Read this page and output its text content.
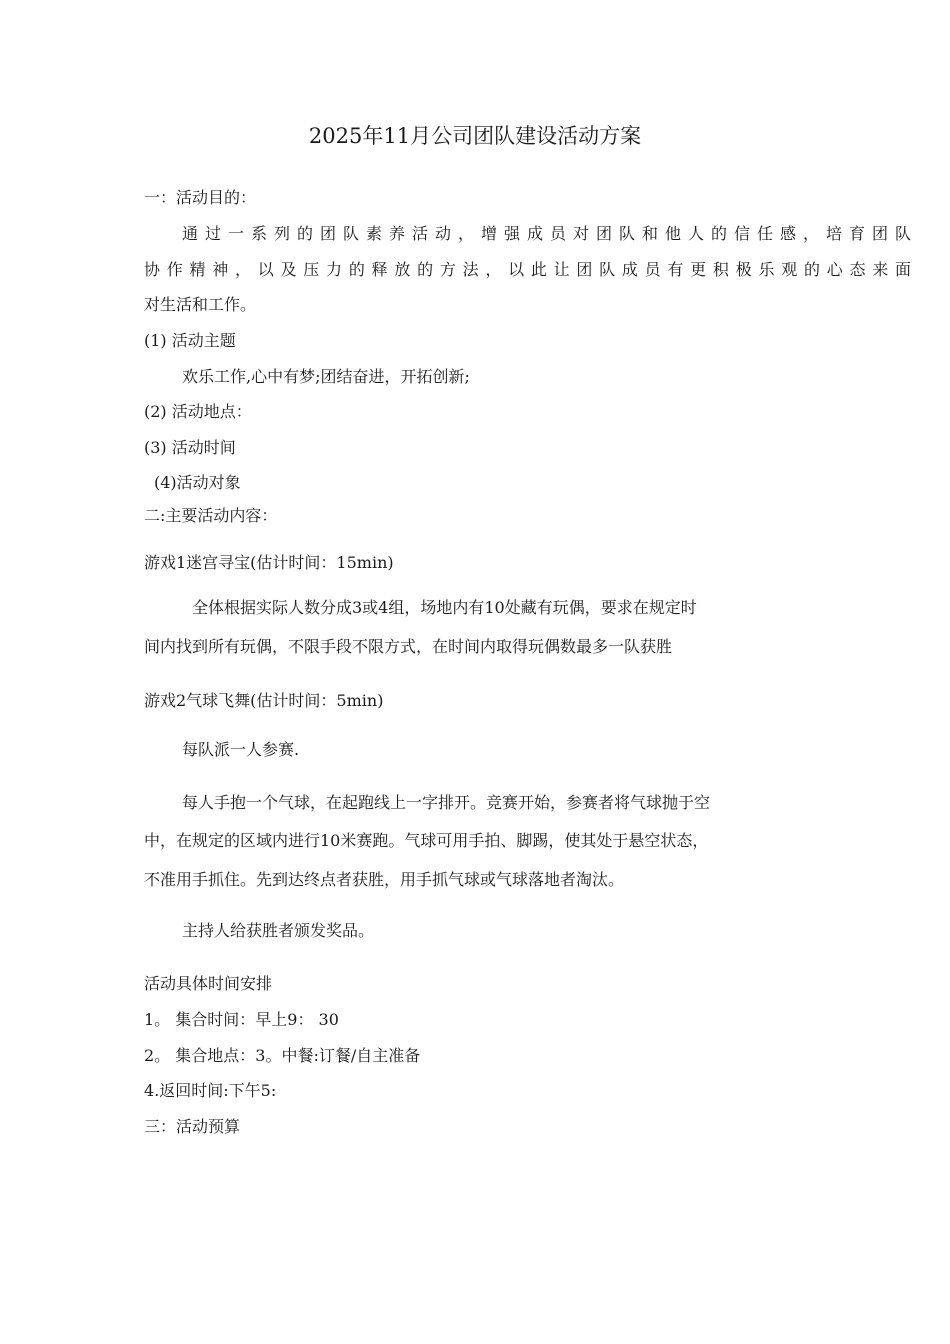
2025年11月公司团队建设活动方案
一：活动目的：
通过一系列的团队素养活动，增强成员对团队和他人的信任感，培育团队
协作精神，以及压力的释放的方法，以此让团队成员有更积极乐观的心态来面
对生活和工作。
(1) 活动主题
欢乐工作,心中有梦;团结奋进，开拓创新;
(2) 活动地点：
(3) 活动时间
(4)活动对象
二:主要活动内容：
游戏1迷宫寻宝(估计时间：15min)
全体根据实际人数分成3或4组，场地内有10处藏有玩偶，要求在规定时
间内找到所有玩偶，不限手段不限方式，在时间内取得玩偶数最多一队获胜
游戏2气球飞舞(估计时间：5min)
每队派一人参赛.
每人手抱一个气球，在起跑线上一字排开。竞赛开始，参赛者将气球抛于空
中，在规定的区域内进行10米赛跑。气球可用手拍、脚踢，使其处于悬空状态，
不准用手抓住。先到达终点者获胜，用手抓气球或气球落地者淘汰。
主持人给获胜者颁发奖品。
活动具体时间安排
1。 集合时间：早上9： 30
2。 集合地点：3。中餐:订餐/自主准备
4.返回时间:下午5:
三：活动预算
